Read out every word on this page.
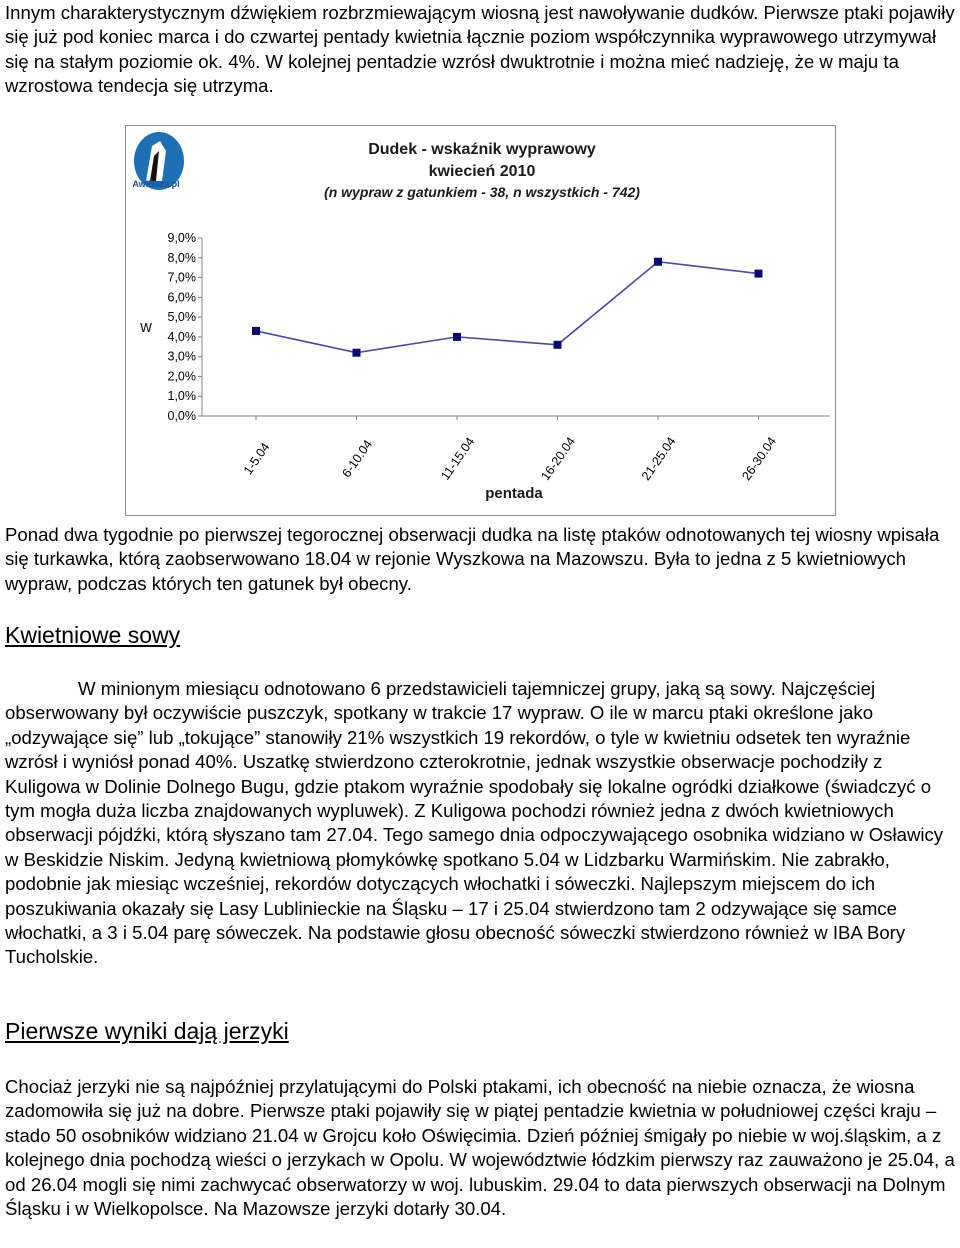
Innym charakterystycznym dźwiękiem rozbrzmiewającym wiosną jest nawoływanie dudków. Pierwsze ptaki pojawiły się już pod koniec marca i do czwartej pentady kwietnia łącznie poziom współczynnika wyprawowego utrzymywał się na stałym poziomie ok. 4%. W kolejnej pentadzie wzrósł dwuktrotnie i można mieć nadzieję, że w maju ta wzrostowa tendecja się utrzyma.

AwiBaza.pl
Dudek - wskaźnik wyprawowy
kwiecień 2010
(n wypraw z gatunkiem - 38, n wszystkich - 742)
W
pentada
0,0%
1,0%
2,0%
3,0%
4,0%
5,0%
6,0%
7,0%
8,0%
9,0%
1-5.04	6-10.04	11-15.04	16-20.04	21-25.04	26-30.04

Ponad dwa tygodnie po pierwszej tegorocznej obserwacji dudka na listę ptaków odnotowanych tej wiosny wpisała się turkawka, którą zaobserwowano 18.04 w rejonie Wyszkowa na Mazowszu. Była to jedna z 5 kwietniowych wypraw, podczas których ten gatunek był obecny.

Kwietniowe sowy

W minionym miesiącu odnotowano 6 przedstawicieli tajemniczej grupy, jaką są sowy. Najczęściej obserwowany był oczywiście puszczyk, spotkany w trakcie 17 wypraw. O ile w marcu ptaki określone jako „odzywające się” lub „tokujące” stanowiły 21% wszystkich 19 rekordów, o tyle w kwietniu odsetek ten wyraźnie wzrósł i wyniósł ponad 40%. Uszatkę stwierdzono czterokrotnie, jednak wszystkie obserwacje pochodziły z Kuligowa w Dolinie Dolnego Bugu, gdzie ptakom wyraźnie spodobały się lokalne ogródki działkowe (świadczyć o tym mogła duża liczba znajdowanych wypluwek). Z Kuligowa pochodzi również jedna z dwóch kwietniowych obserwacji pójdźki, którą słyszano tam 27.04. Tego samego dnia odpoczywającego osobnika widziano w Osławicy w Beskidzie Niskim. Jedyną kwietniową płomykówkę spotkano 5.04 w Lidzbarku Warmińskim. Nie zabrakło, podobnie jak miesiąc wcześniej, rekordów dotyczących włochatki i sóweczki. Najlepszym miejscem do ich poszukiwania okazały się Lasy Lublinieckie na Śląsku – 17 i 25.04 stwierdzono tam 2 odzywające się samce włochatki, a 3 i 5.04 parę sóweczek. Na podstawie głosu obecność sóweczki stwierdzono również w IBA Bory Tucholskie.

Pierwsze wyniki dają jerzyki

Chociaż jerzyki nie są najpóźniej przylatującymi do Polski ptakami, ich obecność na niebie oznacza, że wiosna zadomowiła się już na dobre. Pierwsze ptaki pojawiły się w piątej pentadzie kwietnia w południowej części kraju – stado 50 osobników widziano 21.04 w Grojcu koło Oświęcimia. Dzień później śmigały po niebie w woj.śląskim, a z kolejnego dnia pochodzą wieści o jerzykach w Opolu. W województwie łódzkim pierwszy raz zauważono je 25.04, a od 26.04 mogli się nimi zachwycać obserwatorzy w woj. lubuskim. 29.04 to data pierwszych obserwacji na Dolnym Śląsku i w Wielkopolsce. Na Mazowsze jerzyki dotarły 30.04.
